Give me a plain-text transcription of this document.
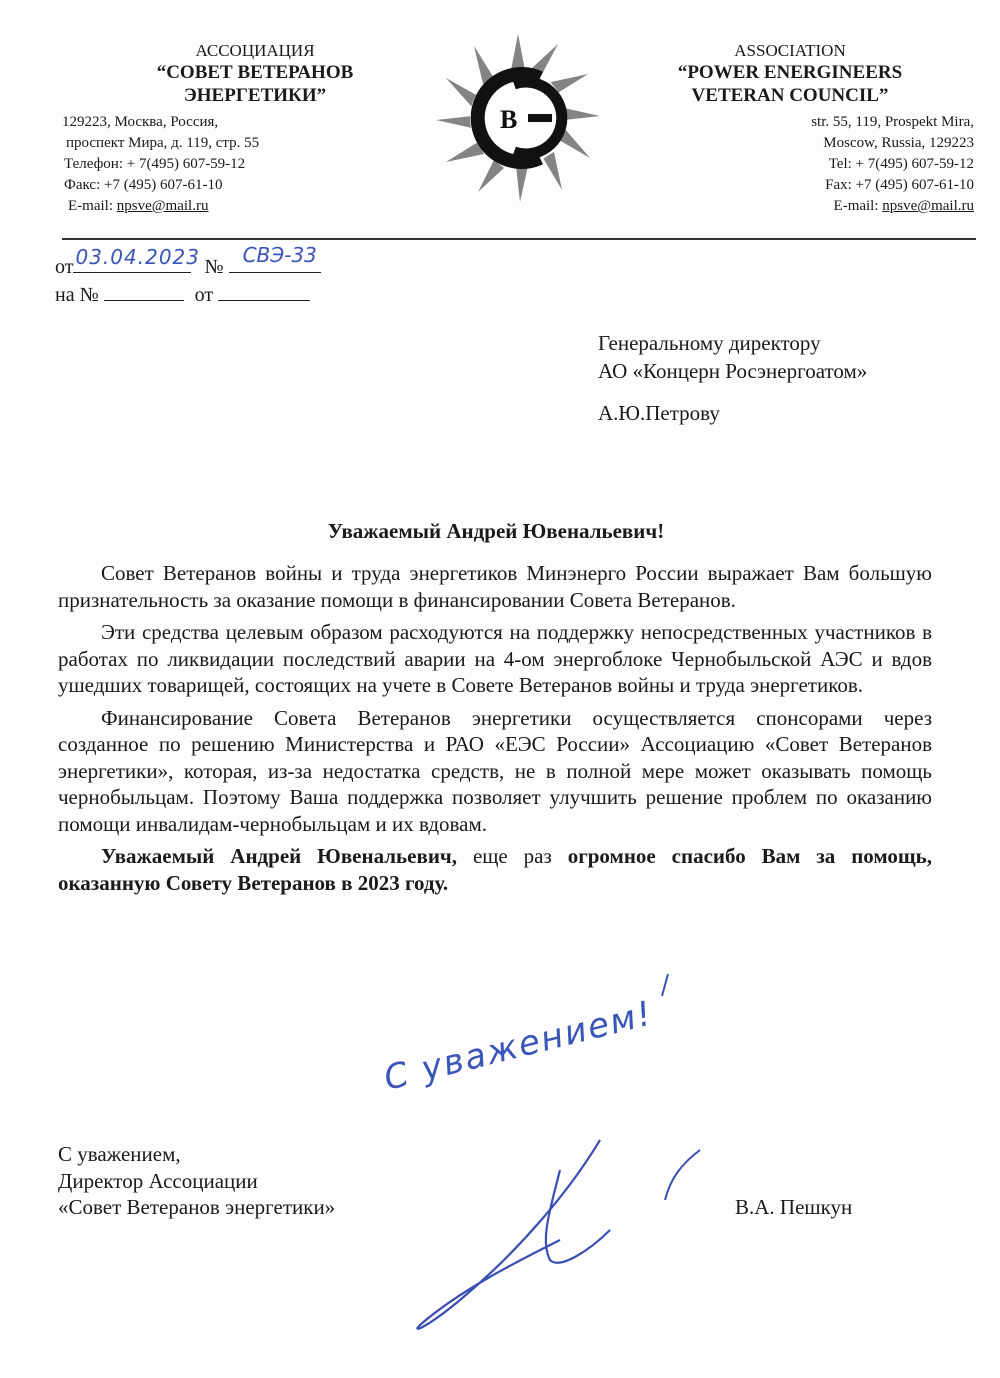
АССОЦИАЦИЯ
“СОВЕТ ВЕТЕРАНОВ
ЭНЕРГЕТИКИ”
129223, Москва, Россия,
проспект Мира, д. 119, стр. 55
Телефон: + 7(495) 607-59-12
Факс: +7 (495) 607-61-10
E-mail: npsve@mail.ru
В
ASSOCIATION
“POWER ENERGINEERS
VETERAN COUNCIL”
str. 55, 119, Prospekt Mira,
Moscow, Russia, 129223
Tel: + 7(495) 607-59-12
Fax: +7 (495) 607-61-10
E-mail: npsve@mail.ru
от 03.04.2023 № СВЭ-33
на №	от
Генеральному директору
АО «Концерн Росэнергоатом»
А.Ю.Петрову
Уважаемый Андрей Ювенальевич!

Совет Ветеранов войны и труда энергетиков Минэнерго России выражает Вам большую признательность за оказание помощи в финансировании Совета Ветеранов.

Эти средства целевым образом расходуются на поддержку непосредственных участников в работах по ликвидации последствий аварии на 4-ом энергоблоке Чернобыльской АЭС и вдов ушедших товарищей, состоящих на учете в Совете Ветеранов войны и труда энергетиков.

Финансирование Совета Ветеранов энергетики осуществляется спонсорами через созданное по решению Министерства и РАО «ЕЭС России» Ассоциацию «Совет Ветеранов энергетики», которая, из-за недостатка средств, не в полной мере может оказывать помощь чернобыльцам. Поэтому Ваша поддержка позволяет улучшить решение проблем по оказанию помощи инвалидам-чернобыльцам и их вдовам.

Уважаемый Андрей Ювенальевич, еще раз огромное спасибо Вам за помощь, оказанную Совету Ветеранов в 2023 году.

С уважением!
С уважением,
Директор Ассоциации
«Совет Ветеранов энергетики»	В.А. Пешкун
